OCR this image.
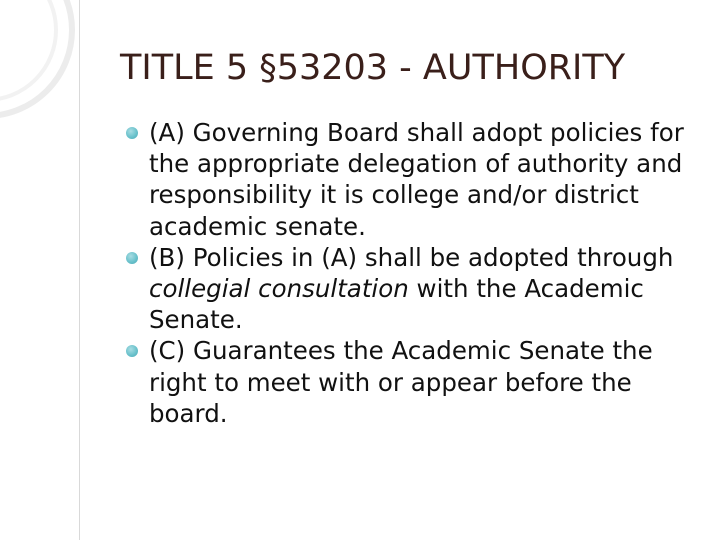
TITLE 5 §53203 - AUTHORITY
(A) Governing Board shall adopt policies for the appropriate delegation of authority and responsibility it is college and/or district academic senate.
(B) Policies in (A) shall be adopted through collegial consultation with the Academic Senate.
(C) Guarantees the Academic Senate the right to meet with or appear before the board.
